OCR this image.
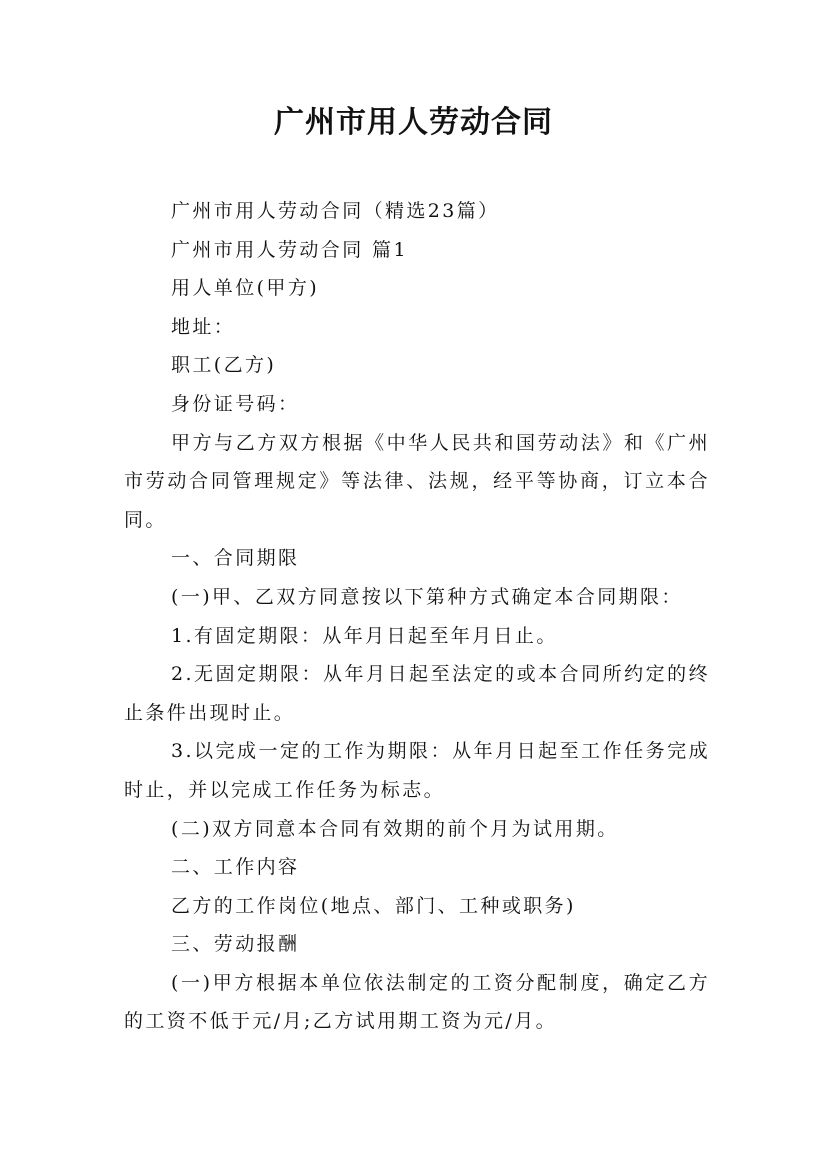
广州市用人劳动合同

广州市用人劳动合同（精选23篇）

广州市用人劳动合同 篇1

用人单位(甲方)

地址：

职工(乙方)

身份证号码：

甲方与乙方双方根据《中华人民共和国劳动法》和《广州市劳动合同管理规定》等法律、法规，经平等协商，订立本合同。

一、合同期限

(一)甲、乙双方同意按以下第种方式确定本合同期限：

1.有固定期限：从年月日起至年月日止。

2.无固定期限：从年月日起至法定的或本合同所约定的终止条件出现时止。

3.以完成一定的工作为期限：从年月日起至工作任务完成时止，并以完成工作任务为标志。

(二)双方同意本合同有效期的前个月为试用期。

二、工作内容

乙方的工作岗位(地点、部门、工种或职务)

三、劳动报酬

(一)甲方根据本单位依法制定的工资分配制度，确定乙方的工资不低于元/月;乙方试用期工资为元/月。
